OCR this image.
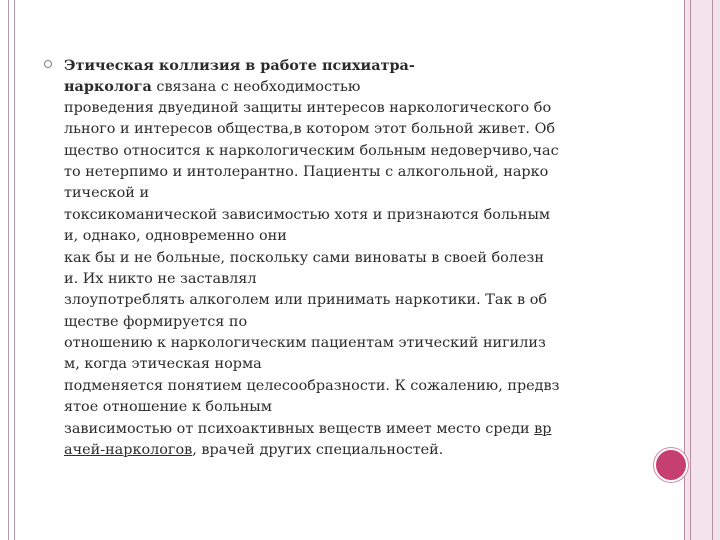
Этическая коллизия в работе психиатра-
нарколога связана с необходимостью
проведения двуединой защиты интересов наркологического бо
льного и интересов общества,в котором этот больной живет. Об
щество относится к наркологическим больным недоверчиво,час
то нетерпимо и интолерантно. Пациенты с алкогольной, нарко
тической и
токсикоманической зависимостью хотя и признаются больным
и, однако, одновременно они
как бы и не больные, поскольку сами виноваты в своей болезн
и. Их никто не заставлял
злоупотреблять алкоголем или принимать наркотики. Так в об
ществе формируется по
отношению к наркологическим пациентам этический нигилиз
м, когда этическая норма
подменяется понятием целесообразности. К сожалению, предвз
ятое отношение к больным
зависимостью от психоактивных веществ имеет место среди вр
ачей-наркологов, врачей других специальностей.
